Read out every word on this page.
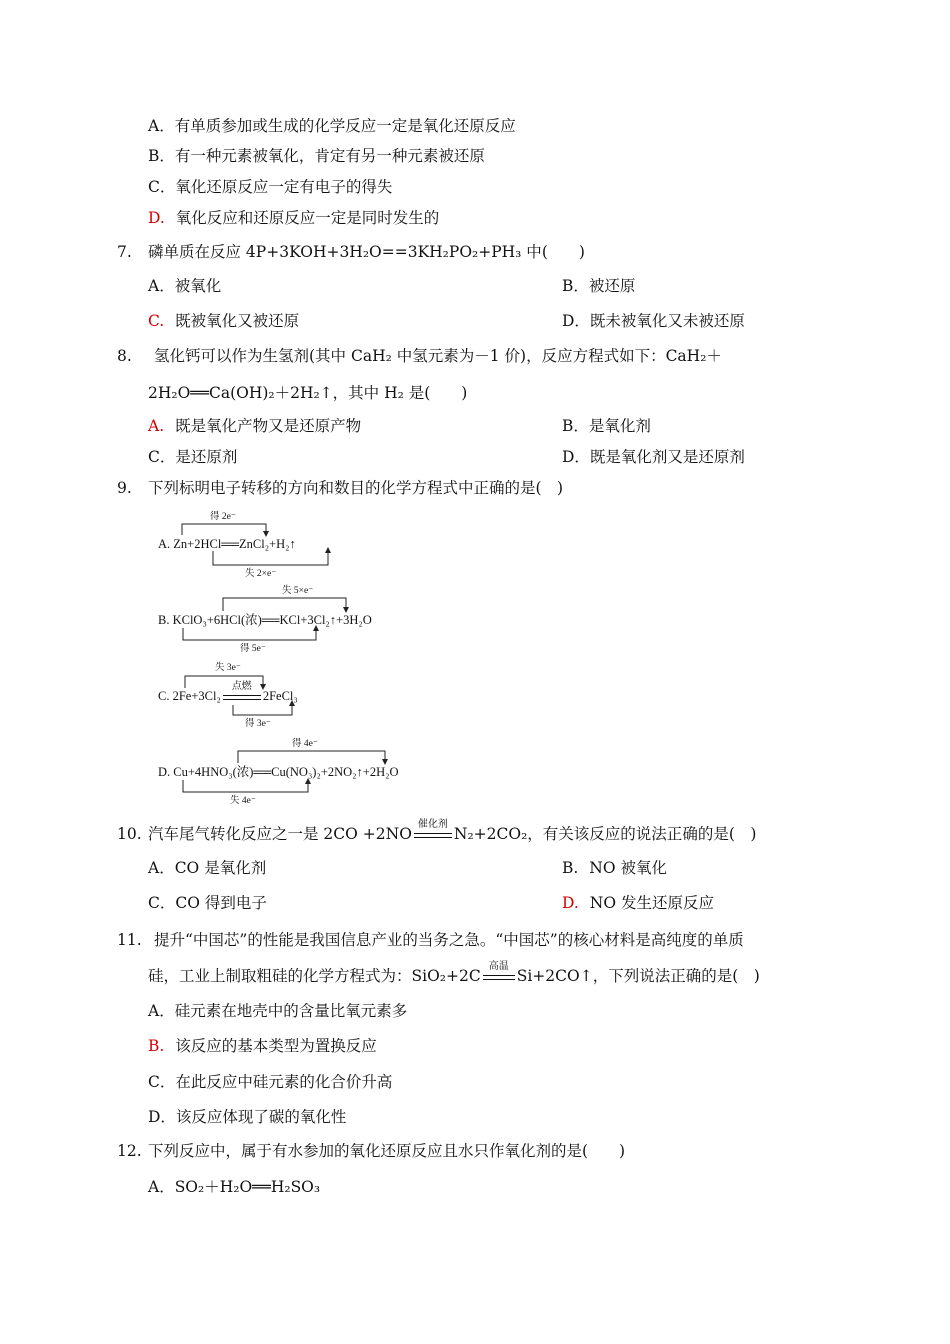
A．有单质参加或生成的化学反应一定是氧化还原反应
B．有一种元素被氧化，肯定有另一种元素被还原
C．氧化还原反应一定有电子的得失
D. 氧化反应和还原反应一定是同时发生的
7. 磷单质在反应 4P+3KOH+3H₂O==3KH₂PO₂+PH₃ 中(　　)
A．被氧化	B．被还原
C. 既被氧化又被还原	D．既未被氧化又未被还原
8. 氢化钙可以作为生氢剂(其中 CaH₂ 中氢元素为－1 价)，反应方程式如下：CaH₂＋
2H₂O══Ca(OH)₂＋2H₂↑，其中 H₂ 是(　　)
A. 既是氧化产物又是还原产物	B．是氧化剂
C．是还原剂	D．既是氧化剂又是还原剂
9. 下列标明电子转移的方向和数目的化学方程式中正确的是(　)
得 2e⁻
A. Zn+2HCl══ZnCl₂+H₂↑
失 2×e⁻
失 5×e⁻
B. KClO₃+6HCl(浓)══KCl+3Cl₂↑+3H₂O
得 5e⁻
失 3e⁻
C. 2Fe+3Cl₂
点燃
2FeCl₃
得 3e⁻
得 4e⁻
D. Cu+4HNO₃(浓)══Cu(NO₃)₂+2NO₂↑+2H₂O
失 4e⁻
10. 汽车尾气转化反应之一是 2CO +2NO
催化剂
N₂+2CO₂，有关该反应的说法正确的是(　)
A．CO 是氧化剂	B. NO 被氧化
C．CO 得到电子	D. NO 发生还原反应
11. 提升“中国芯”的性能是我国信息产业的当务之急。“中国芯”的核心材料是高纯度的单质
硅，工业上制取粗硅的化学方程式为：SiO₂+2C
高温
Si+2CO↑，下列说法正确的是(　)
A．硅元素在地壳中的含量比氧元素多
B. 该反应的基本类型为置换反应
C．在此反应中硅元素的化合价升高
D．该反应体现了碳的氧化性
12. 下列反应中，属于有水参加的氧化还原反应且水只作氧化剂的是(　　)
A．SO₂＋H₂O══H₂SO₃
